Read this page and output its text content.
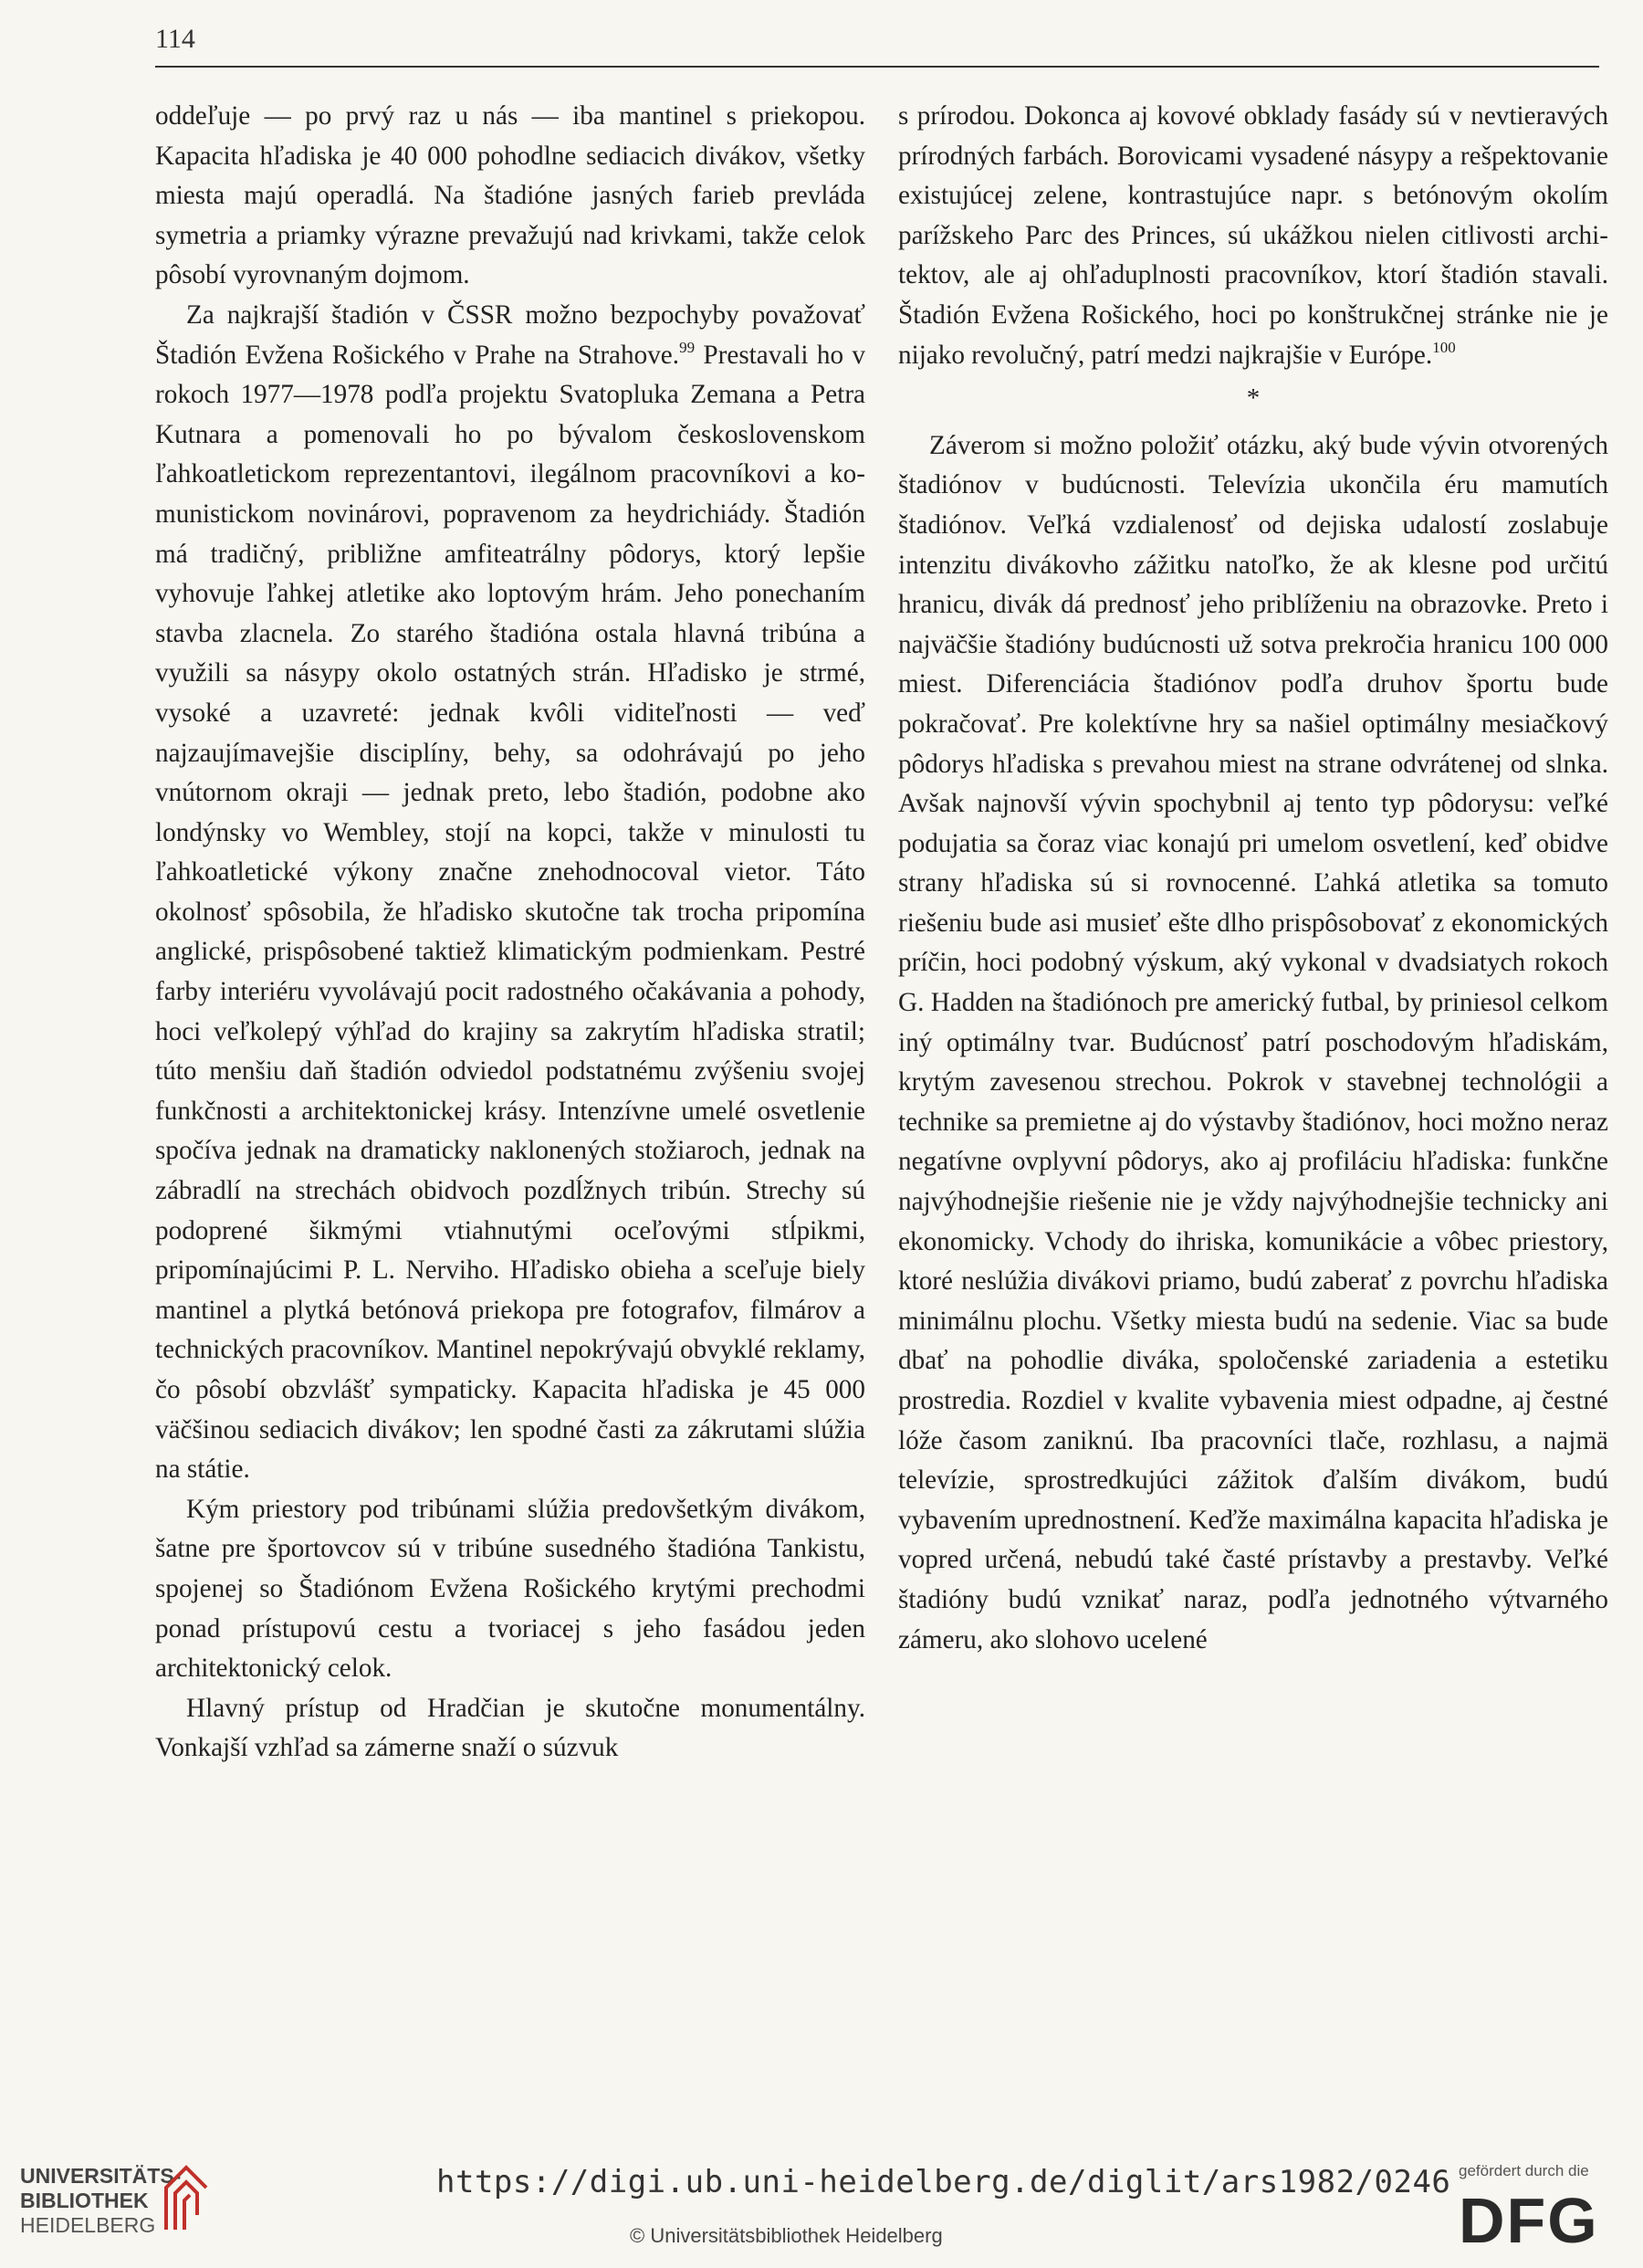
114

oddeľuje — po prvý raz u nás — iba mantinel s priekopou. Kapacita hľadiska je 40 000 pohodlne sediacich divákov, všetky miesta majú operadlá. Na štadióne jasných farieb prevláda symetria a priamky výrazne prevažujú nad krivkami, takže celok pôsobí vyrovnaným dojmom.

Za najkrajší štadión v ČSSR možno bezpochyby považovať Štadión Evžena Rošického v Prahe na Strahove.$^{99}$ Prestavali ho v rokoch 1977—1978 podľa projektu Svatopluka Zemana a Petra Kutnara a pomenovali ho po bývalom československom ľahkoatletickom reprezentantovi, ilegálnom pracovníkovi a komunistickom novinárovi, popravenom za heydrichiády. Štadión má tradičný, približne amfiteatrálny pôdorys, ktorý lepšie vyhovuje ľahkej atletike ako loptovým hrám. Jeho ponechaním stavba zlacnela. Zo starého štadióna ostala hlavná tribúna a využili sa násypy okolo ostatných strán. Hľadisko je strmé, vysoké a uzavreté: jednak kvôli viditeľnosti — veď najzaujímavejšie disciplíny, behy, sa odohrávajú po jeho vnútornom okraji — jednak preto, lebo štadión, podobne ako londýnsky vo Wembley, stojí na kopci, takže v minulosti tu ľahkoatletické výkony značne znehodnocoval vietor. Táto okolnosť spôsobila, že hľadisko skutočne tak trocha pripomína anglické, prispôsobené taktiež klimatickým podmienkam. Pestré farby interiéru vyvolávajú pocit radostného očakávania a pohody, hoci veľkolepý výhľad do krajiny sa zakrytím hľadiska stratil; túto menšiu daň štadión odviedol podstatnému zvýšeniu svojej funkčnosti a architektonickej krásy. Intenzívne umelé osvetlenie spočíva jednak na dramaticky naklonených stožiaroch, jednak na zábradlí na strechách obidvoch pozdĺžnych tribún. Strechy sú podoprené šikmými vtiahnutými oceľovými stĺpikmi, pripomínajúcimi P. L. Nerviho. Hľadisko obieha a sceľuje biely mantinel a plytká betónová priekopa pre fotografov, filmárov a technických pracovníkov. Mantinel nepokrývajú obvyklé reklamy, čo pôsobí obzvlášť sympaticky. Kapacita hľadiska je 45 000 väčšinou sediacich divákov; len spodné časti za zákrutami slúžia na státie.

Kým priestory pod tribúnami slúžia predovšetkým divákom, šatne pre športovcov sú v tribúne susedného štadióna Tankistu, spojenej so Štadiónom Evžena Rošického krytými prechodmi ponad prístupovú cestu a tvoriacej s jeho fasádou jeden architektonický celok.

Hlavný prístup od Hradčian je skutočne monumentálny. Vonkajší vzhľad sa zámerne snaží o súzvuk

s prírodou. Dokonca aj kovové obklady fasády sú v nevtieravých prírodných farbách. Borovicami vysadené násypy a rešpektovanie existujúcej zelene, kontrastujúce napr. s betónovým okolím parížskeho Parc des Princes, sú ukážkou nielen citlivosti architektov, ale aj ohľaduplnosti pracovníkov, ktorí štadión stavali. Štadión Evžena Rošického, hoci po konštrukčnej stránke nie je nijako revolučný, patrí medzi najkrajšie v Európe.$^{100}$

*

Záverom si možno položiť otázku, aký bude vývin otvorených štadiónov v budúcnosti. Televízia ukončila éru mamutích štadiónov. Veľká vzdialenosť od dejiska udalostí zoslabuje intenzitu divákovho zážitku natoľko, že ak klesne pod určitú hranicu, divák dá prednosť jeho priblíženiu na obrazovke. Preto i najväčšie štadióny budúcnosti už sotva prekročia hranicu 100 000 miest. Diferenciácia štadiónov podľa druhov športu bude pokračovať. Pre kolektívne hry sa našiel optimálny mesiačkový pôdorys hľadiska s prevahou miest na strane odvrátenej od slnka. Avšak najnovší vývin spochybnil aj tento typ pôdorysu: veľké podujatia sa čoraz viac konajú pri umelom osvetlení, keď obidve strany hľadiska sú si rovnocenné. Ľahká atletika sa tomuto riešeniu bude asi musieť ešte dlho prispôsobovať z ekonomických príčin, hoci podobný výskum, aký vykonal v dvadsiatych rokoch G. Hadden na štadiónoch pre americký futbal, by priniesol celkom iný optimálny tvar. Budúcnosť patrí poschodovým hľadiskám, krytým zavesenou strechou. Pokrok v stavebnej technológii a technike sa premietne aj do výstavby štadiónov, hoci možno neraz negatívne ovplyvní pôdorys, ako aj profiláciu hľadiska: funkčne najvýhodnejšie riešenie nie je vždy najvýhodnejšie technicky ani ekonomicky. Vchody do ihriska, komunikácie a vôbec priestory, ktoré neslúžia divákovi priamo, budú zaberať z povrchu hľadiska minimálnu plochu. Všetky miesta budú na sedenie. Viac sa bude dbať na pohodlie diváka, spoločenské zariadenia a estetiku prostredia. Rozdiel v kvalite vybavenia miest odpadne, aj čestné lóže časom zaniknú. Iba pracovníci tlače, rozhlasu, a najmä televízie, sprostredkujúci zážitok ďalším divákom, budú vybavením uprednostnení. Keďže maximálna kapacita hľadiska je vopred určená, nebudú také časté prístavby a prestavby. Veľké štadióny budú vznikať naraz, podľa jednotného výtvarného zámeru, ako slohovo ucelené

UNIVERSITÄTS-
BIBLIOTHEK
HEIDELBERG
https://digi.ub.uni-heidelberg.de/diglit/ars1982/0246
© Universitätsbibliothek Heidelberg
gefördert durch die
DFG
